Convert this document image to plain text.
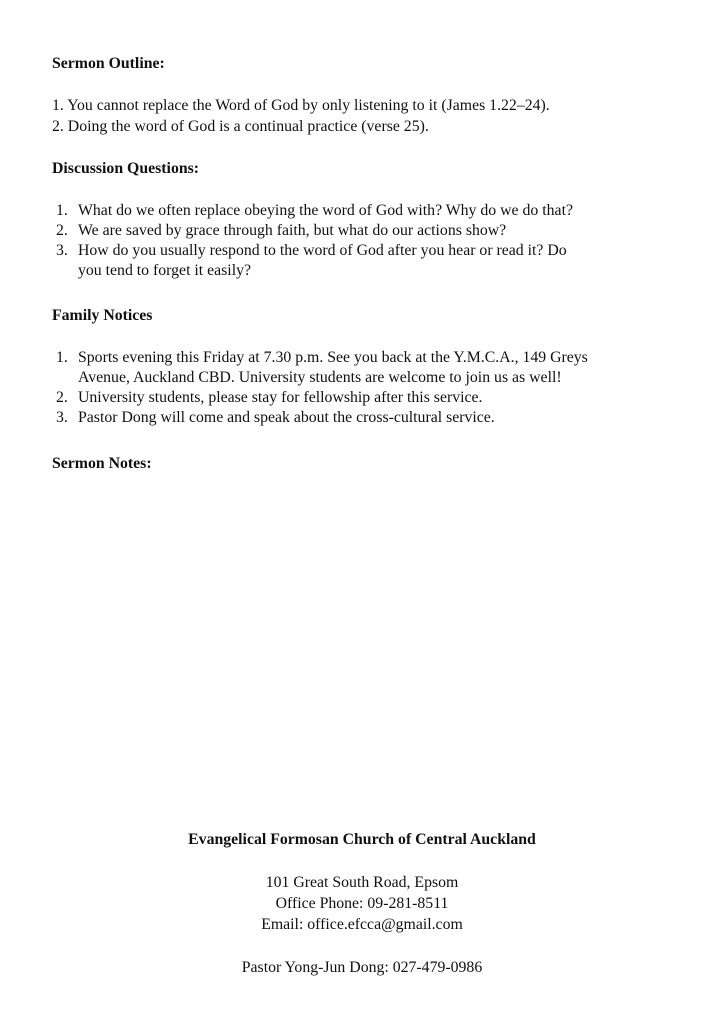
Sermon Outline:
1. You cannot replace the Word of God by only listening to it (James 1.22–24).
2. Doing the word of God is a continual practice (verse 25).
Discussion Questions:
1. What do we often replace obeying the word of God with? Why do we do that?
2. We are saved by grace through faith, but what do our actions show?
3. How do you usually respond to the word of God after you hear or read it? Do
you tend to forget it easily?
Family Notices
1. Sports evening this Friday at 7.30 p.m. See you back at the Y.M.C.A., 149 Greys
Avenue, Auckland CBD. University students are welcome to join us as well!
2. University students, please stay for fellowship after this service.
3. Pastor Dong will come and speak about the cross-cultural service.
Sermon Notes:
Evangelical Formosan Church of Central Auckland
101 Great South Road, Epsom
Office Phone: 09-281-8511
Email: office.efcca@gmail.com
Pastor Yong-Jun Dong: 027-479-0986
